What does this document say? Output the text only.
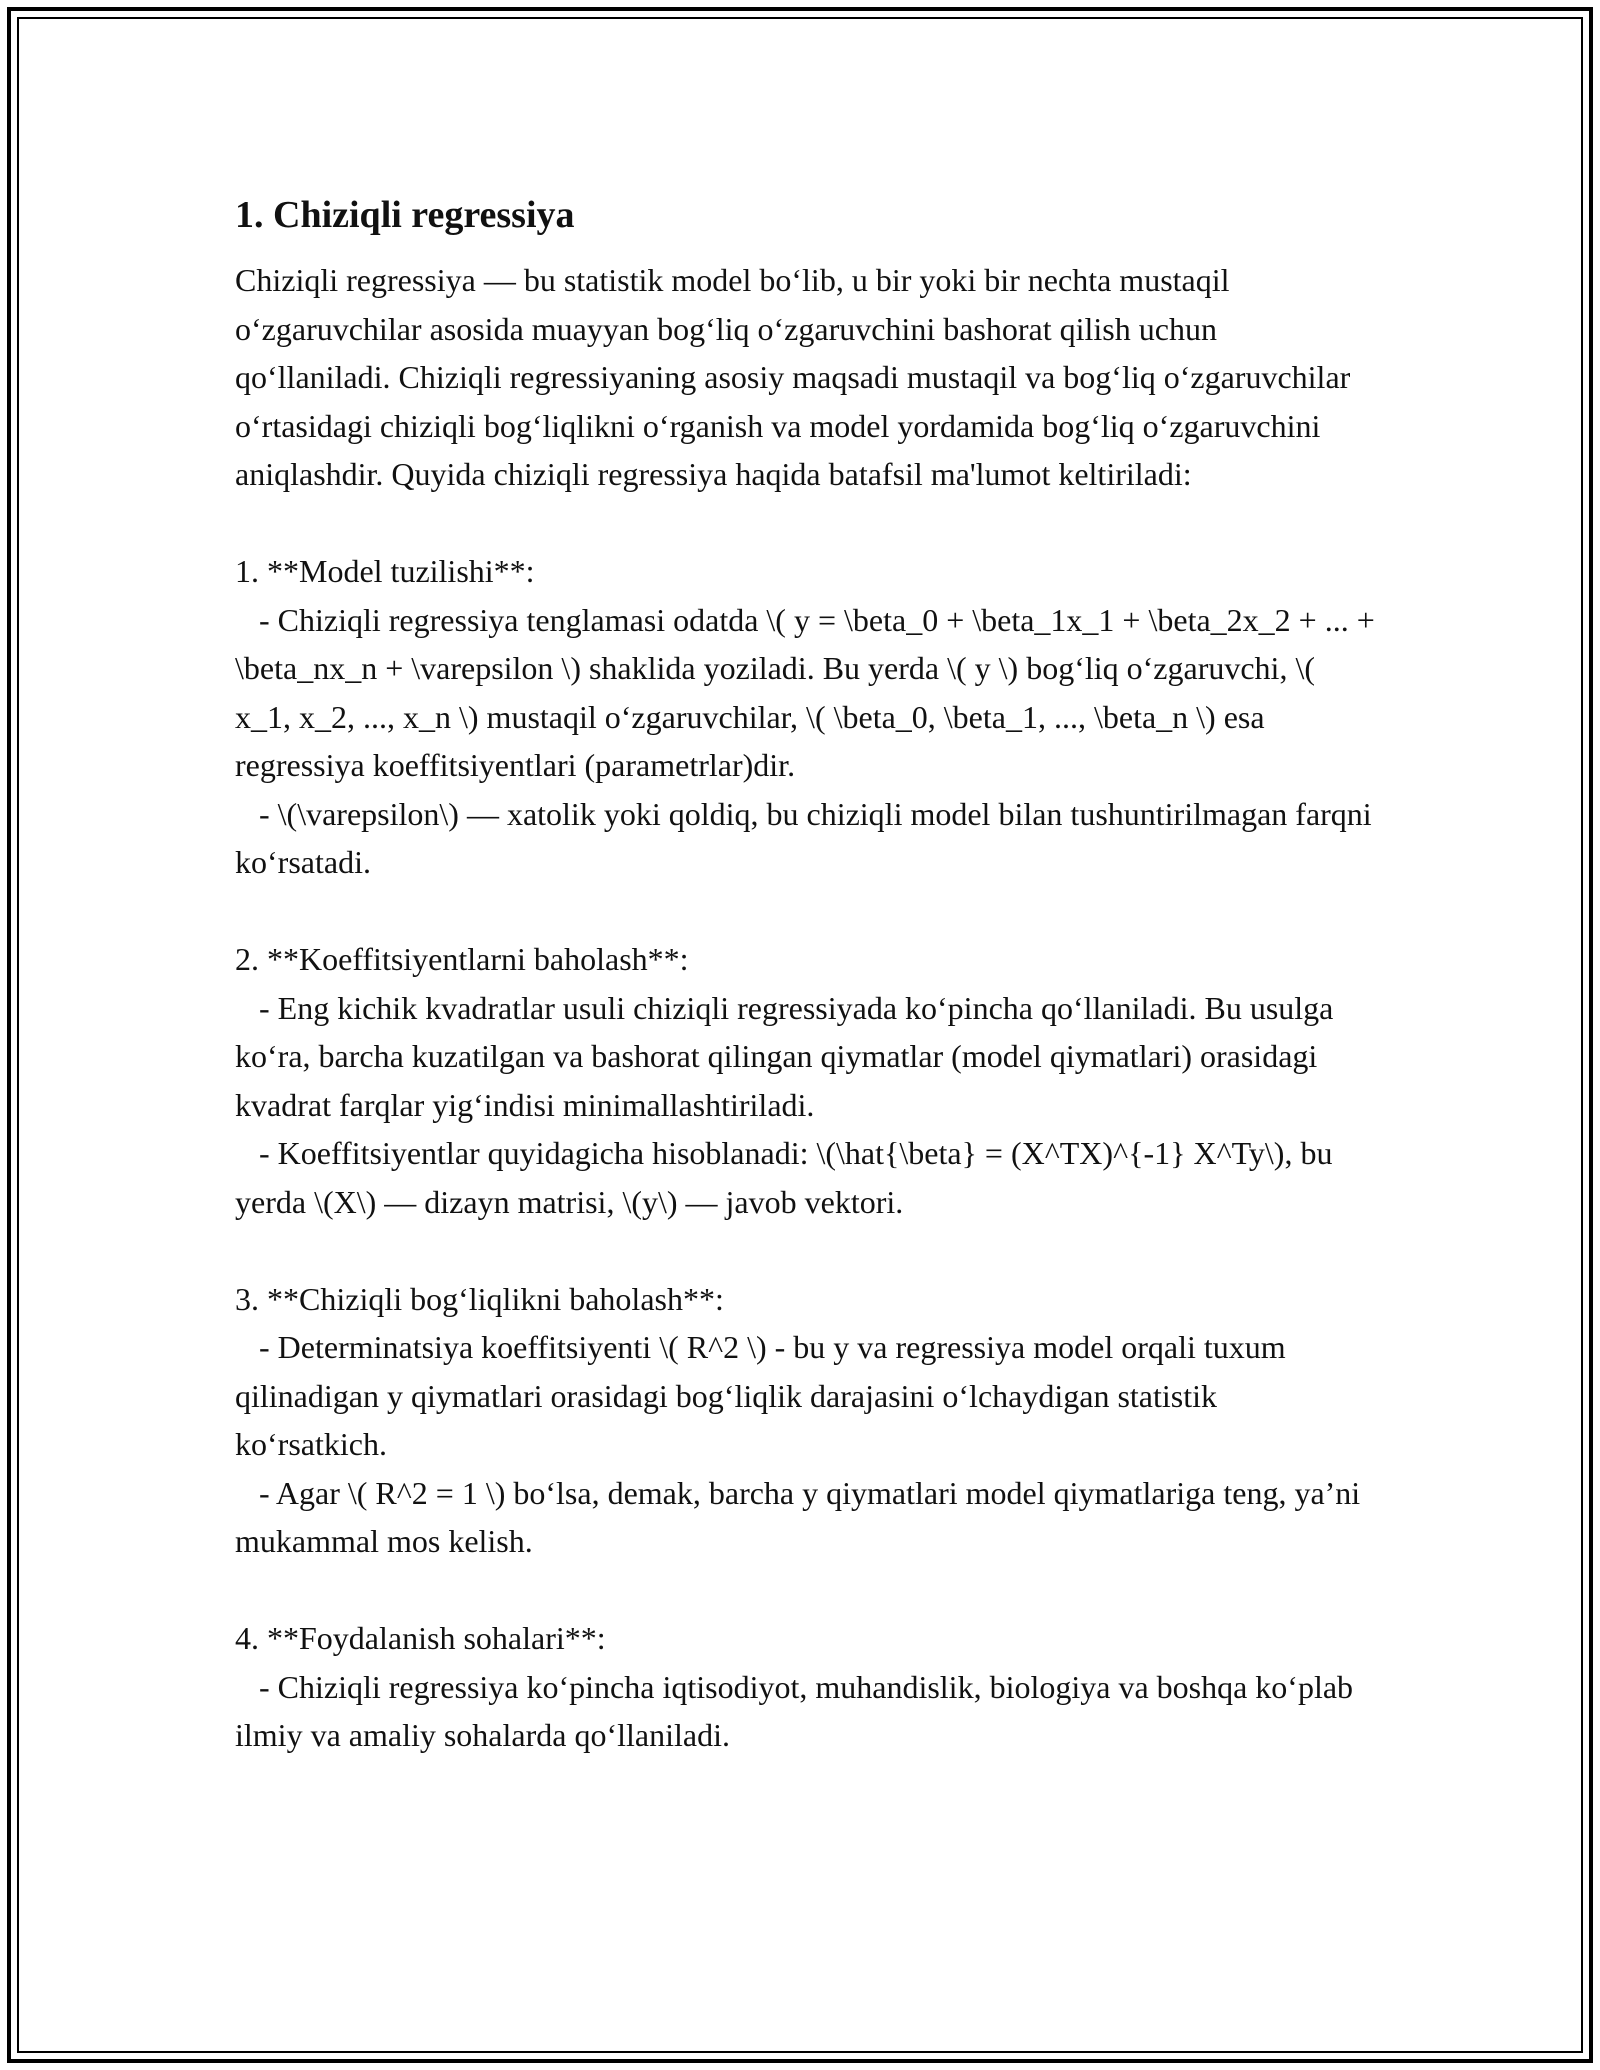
1. Chiziqli regressiya

Chiziqli regressiya — bu statistik model bo‘lib, u bir yoki bir nechta mustaqil o‘zgaruvchilar asosida muayyan bog‘liq o‘zgaruvchini bashorat qilish uchun qo‘llaniladi. Chiziqli regressiyaning asosiy maqsadi mustaqil va bog‘liq o‘zgaruvchilar o‘rtasidagi chiziqli bog‘liqlikni o‘rganish va model yordamida bog‘liq o‘zgaruvchini aniqlashdir. Quyida chiziqli regressiya haqida batafsil ma'lumot keltiriladi:

1. **Model tuzilishi**:

- Chiziqli regressiya tenglamasi odatda \( y = \beta_0 + \beta_1x_1 + \beta_2x_2 + ... + \beta_nx_n + \varepsilon \) shaklida yoziladi. Bu yerda \( y \) bog‘liq o‘zgaruvchi, \( x_1, x_2, ..., x_n \) mustaqil o‘zgaruvchilar, \( \beta_0, \beta_1, ..., \beta_n \) esa regressiya koeffitsiyentlari (parametrlar)dir.

- \(\varepsilon\) — xatolik yoki qoldiq, bu chiziqli model bilan tushuntirilmagan farqni ko‘rsatadi.

2. **Koeffitsiyentlarni baholash**:

- Eng kichik kvadratlar usuli chiziqli regressiyada ko‘pincha qo‘llaniladi. Bu usulga ko‘ra, barcha kuzatilgan va bashorat qilingan qiymatlar (model qiymatlari) orasidagi kvadrat farqlar yig‘indisi minimallashtiriladi.

- Koeffitsiyentlar quyidagicha hisoblanadi: \(\hat{\beta} = (X^TX)^{-1} X^Ty\), bu yerda \(X\) — dizayn matrisi, \(y\) — javob vektori.

3. **Chiziqli bog‘liqlikni baholash**:

- Determinatsiya koeffitsiyenti \( R^2 \) - bu y va regressiya model orqali tuxum qilinadigan y qiymatlari orasidagi bog‘liqlik darajasini o‘lchaydigan statistik ko‘rsatkich.

- Agar \( R^2 = 1 \) bo‘lsa, demak, barcha y qiymatlari model qiymatlariga teng, ya’ni mukammal mos kelish.

4. **Foydalanish sohalari**:

- Chiziqli regressiya ko‘pincha iqtisodiyot, muhandislik, biologiya va boshqa ko‘plab ilmiy va amaliy sohalarda qo‘llaniladi.
